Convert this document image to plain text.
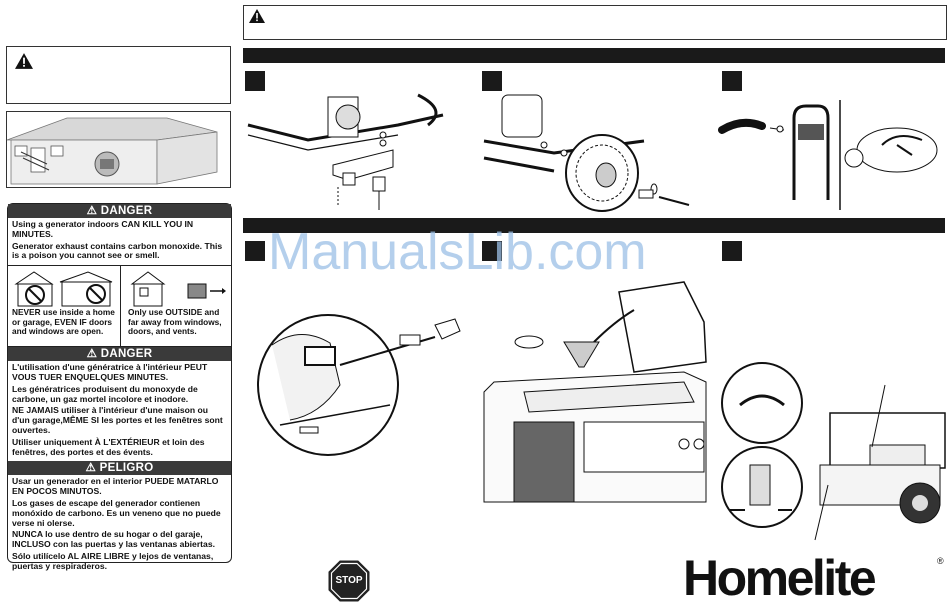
⚠ DANGER

Using a generator indoors CAN KILL YOU IN MINUTES.

Generator exhaust contains carbon monoxide. This is a poison you cannot see or smell.

NEVER use inside a home or garage, EVEN IF doors and windows are open.
Only use OUTSIDE and far away from windows, doors, and vents.
⚠ DANGER

L'utilisation d'une génératrice à l'intérieur PEUT VOUS TUER ENQUELQUES MINUTES.

Les génératrices produisent du monoxyde de carbone, un gaz mortel incolore et inodore.

NE JAMAIS utiliser à l'intérieur d'une maison ou d'un garage,MÊME SI les portes et les fenêtres sont ouvertes.

Utiliser uniquement À L'EXTÉRIEUR et loin des fenêtres, des portes et des évents.

⚠ PELIGRO

Usar un generador en el interior PUEDE MATARLO EN POCOS MINUTOS.

Los gases de escape del generador contienen monóxido de carbono. Es un veneno que no puede verse ni olerse.

NUNCA lo use dentro de su hogar o del garaje, INCLUSO con las puertas y las ventanas abiertas.

Sólo utilícelo AL AIRE LIBRE y lejos de ventanas, puertas y respiraderos.

ManualsLib.com
STOP	Homelite	®
